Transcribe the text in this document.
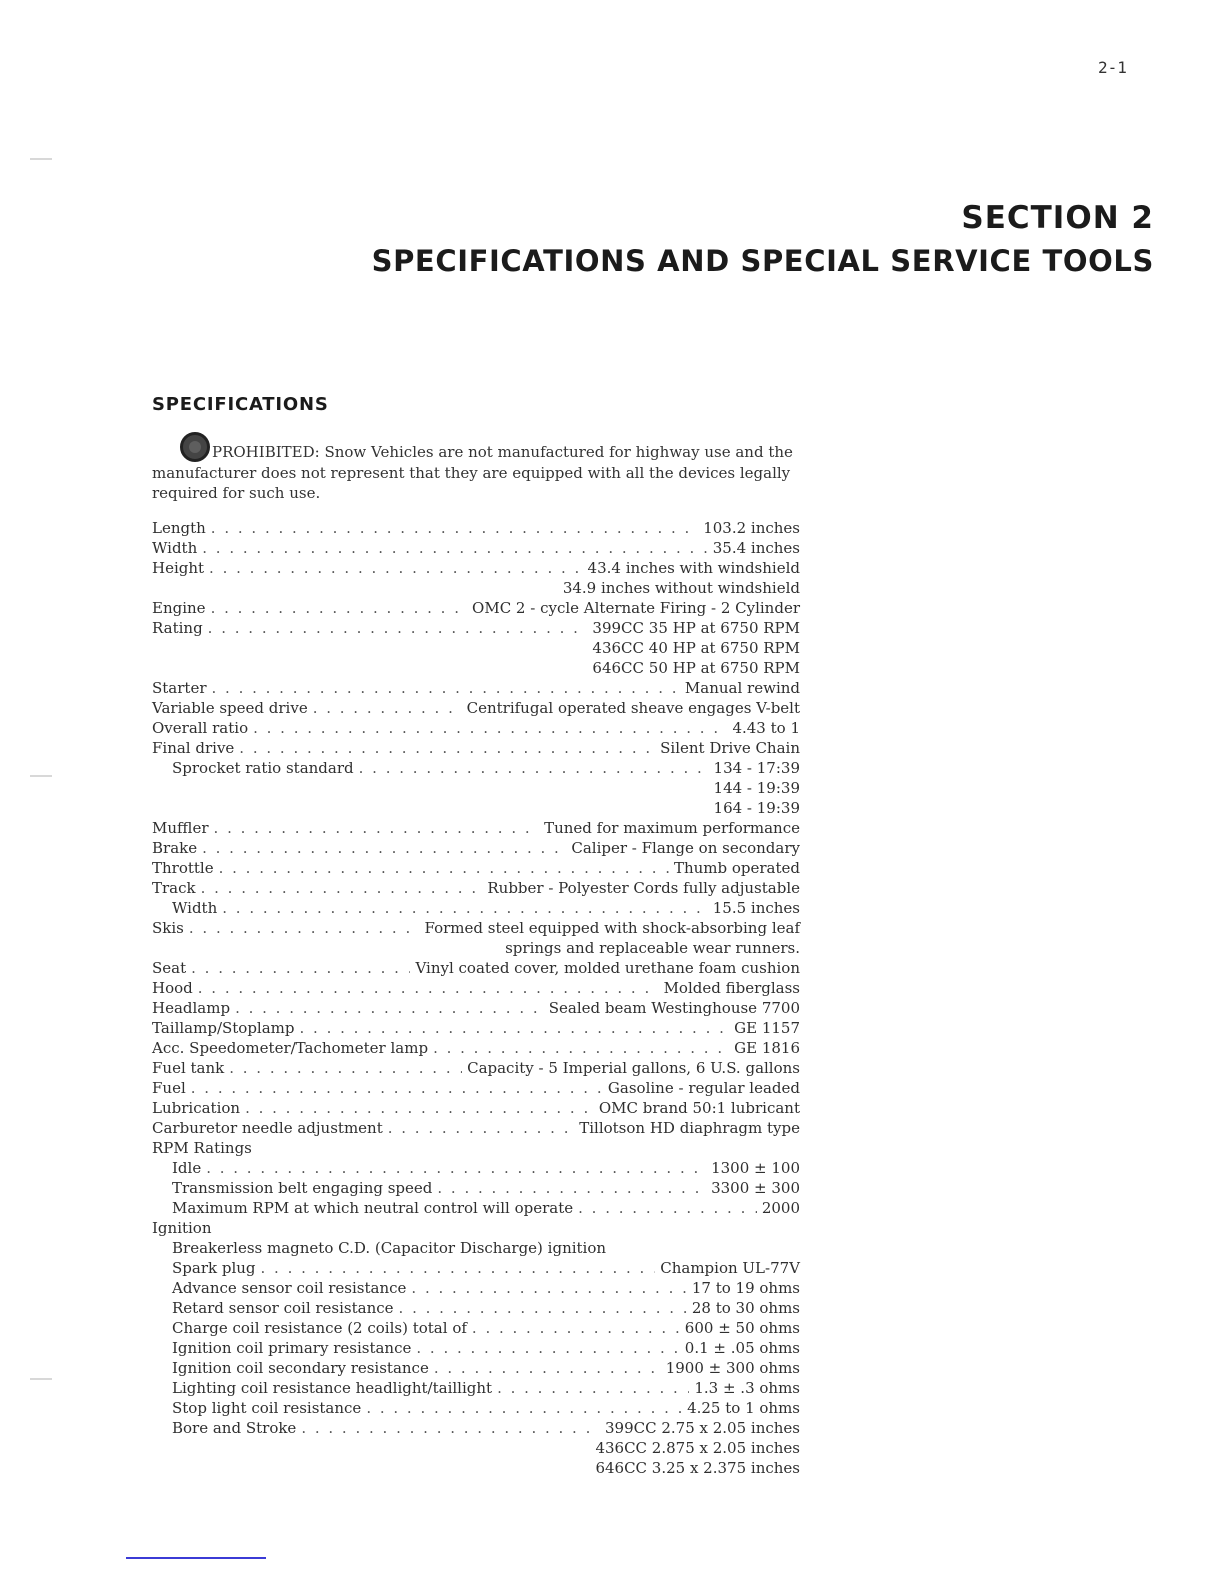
2-1
SECTION 2
SPECIFICATIONS AND SPECIAL SERVICE TOOLS
SPECIFICATIONS
PROHIBITED: Snow Vehicles are not manufactured for highway use and the manufacturer does not represent that they are equipped with all the devices legally required for such use.
Length . . .	103.2 inches
Width . . .	35.4 inches
Height . . .	43.4 inches with windshield
34.9 inches without windshield
Engine . . .	OMC 2 - cycle Alternate Firing - 2 Cylinder
Rating . . .	399CC 35 HP at 6750 RPM
436CC 40 HP at 6750 RPM
646CC 50 HP at 6750 RPM
Starter . . .	Manual rewind
Variable speed drive . . .	Centrifugal operated sheave engages V-belt
Overall ratio . . .	4.43 to 1
Final drive . . .	Silent Drive Chain
Sprocket ratio standard . . .	134 - 17:39
144 - 19:39
164 - 19:39
Muffler . . .	Tuned for maximum performance
Brake . . .	Caliper - Flange on secondary
Throttle . . .	Thumb operated
Track . . .	Rubber - Polyester Cords fully adjustable
Width . . .	15.5 inches
Skis . . .	Formed steel equipped with shock-absorbing leaf
springs and replaceable wear runners.
Seat . . .	Vinyl coated cover, molded urethane foam cushion
Hood . . .	Molded fiberglass
Headlamp . . .	Sealed beam Westinghouse 7700
Taillamp/Stoplamp . . .	GE 1157
Acc. Speedometer/Tachometer lamp . . .	GE 1816
Fuel tank . . .	Capacity - 5 Imperial gallons, 6 U.S. gallons
Fuel . . .	Gasoline - regular leaded
Lubrication . . .	OMC brand 50:1 lubricant
Carburetor needle adjustment . . .	Tillotson HD diaphragm type
RPM Ratings
Idle . . .	1300 ± 100
Transmission belt engaging speed . . .	3300 ± 300
Maximum RPM at which neutral control will operate . . .	2000
Ignition
Breakerless magneto C.D. (Capacitor Discharge) ignition
Spark plug . . .	Champion UL-77V
Advance sensor coil resistance . . .	17 to 19 ohms
Retard sensor coil resistance . . .	28 to 30 ohms
Charge coil resistance (2 coils) total of . . .	600 ± 50 ohms
Ignition coil primary resistance . . .	0.1 ± .05 ohms
Ignition coil secondary resistance . . .	1900 ± 300 ohms
Lighting coil resistance headlight/taillight . . .	1.3 ± .3 ohms
Stop light coil resistance . . .	4.25 to 1 ohms
Bore and Stroke . . .	399CC 2.75 x 2.05 inches
436CC 2.875 x 2.05 inches
646CC 3.25 x 2.375 inches
